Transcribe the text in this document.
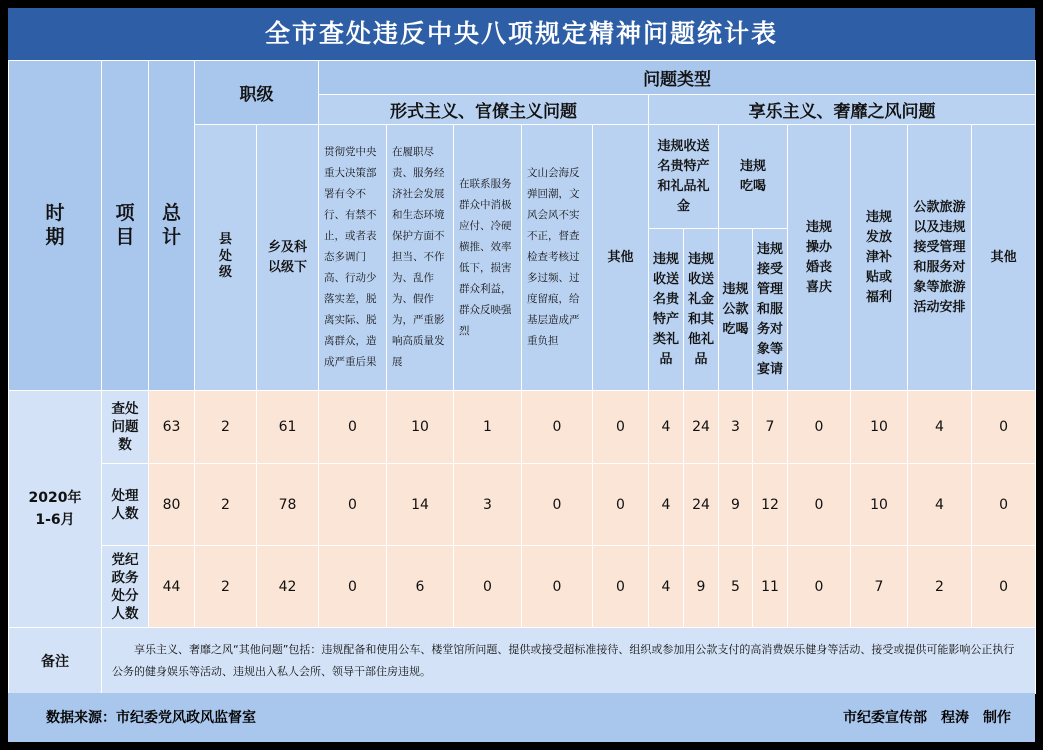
全市查处违反中央八项规定精神问题统计表
时期	项目	总计	职级		问题类型												
					形式主义、官僚主义问题					享乐主义、奢靡之风问题							
			县处级	乡及科以级下	贯彻党中央重大决策部署有令不行、有禁不止，或者表态多调门高、行动少落实差，脱离实际、脱离群众，造成严重后果	在履职尽责、服务经济社会发展和生态环境保护方面不担当、不作为、乱作为、假作为，严重影响高质量发展	在联系服务群众中消极应付、冷硬横推、效率低下，损害群众利益，群众反映强烈	文山会海反弹回潮，文风会风不实不正，督查检查考核过多过频、过度留痕，给基层造成严重负担	其他	违规收送名贵特产和礼品礼金		违规吃喝		违规操办婚丧喜庆	违规发放津补贴或福利	公款旅游以及违规接受管理和服务对象等旅游活动安排	其他
										违规收送名贵特产类礼品	违规收送礼金和其他礼品	违规公款吃喝	违规接受管理和服务对象等宴请				
2020年
1-6月	查处问题数	63	2	61	0	10	1	0	0	4	24	3	7	0	10	4	0
	处理人数	80	2	78	0	14	3	0	0	4	24	9	12	0	10	4	0
	党纪政务处分人数	44	2	42	0	6	0	0	0	4	9	5	11	0	7	2	0
备注	享乐主义、奢靡之风“其他问题”包括：违规配备和使用公车、楼堂馆所问题、提供或接受超标准接待、组织或参加用公款支付的高消费娱乐健身等活动、接受或提供可能影响公正执行公务的健身娱乐等活动、违规出入私人会所、领导干部住房违规。																
数据来源：市纪委党风政风监督室	市纪委宣传部　程涛　制作
